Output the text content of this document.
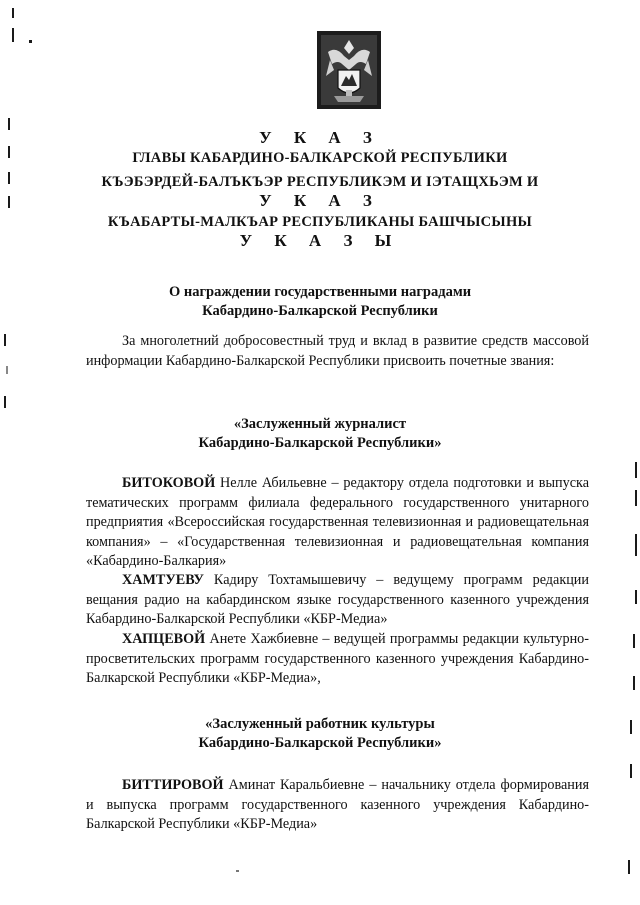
У К А З
ГЛАВЫ КАБАРДИНО-БАЛКАРСКОЙ РЕСПУБЛИКИ
КЪЭБЭРДЕЙ-БАЛЪКЪЭР РЕСПУБЛИКЭМ И IЭТАЩХЬЭМ И
У К А З
КЪАБАРТЫ-МАЛКЪАР РЕСПУБЛИКАНЫ БАШЧЫСЫНЫ
У К А З Ы
О награждении государственными наградами
Кабардино-Балкарской Республики
За многолетний добросовестный труд и вклад в развитие средств массовой информации Кабардино-Балкарской Республики присвоить почетные звания:
«Заслуженный журналист
Кабардино-Балкарской Республики»
БИТОКОВОЙ Нелле Абильевне – редактору отдела подготовки и выпуска тематических программ филиала федерального государственного унитарного предприятия «Всероссийская государственная телевизионная и радиовещательная компания» – «Государственная телевизионная и радиовещательная компания «Кабардино-Балкария»
ХАМТУЕВУ Кадиру Тохтамышевичу – ведущему программ редакции вещания радио на кабардинском языке государственного казенного учреждения Кабардино-Балкарской Республики «КБР-Медиа»
ХАПЦЕВОЙ Анете Хажбиевне – ведущей программы редакции культурно-просветительских программ государственного казенного учреждения Кабардино-Балкарской Республики «КБР-Медиа»,
«Заслуженный работник культуры
Кабардино-Балкарской Республики»
БИТТИРОВОЙ Аминат Каральбиевне – начальнику отдела формирования и выпуска программ государственного казенного учреждения Кабардино-Балкарской Республики «КБР-Медиа»
